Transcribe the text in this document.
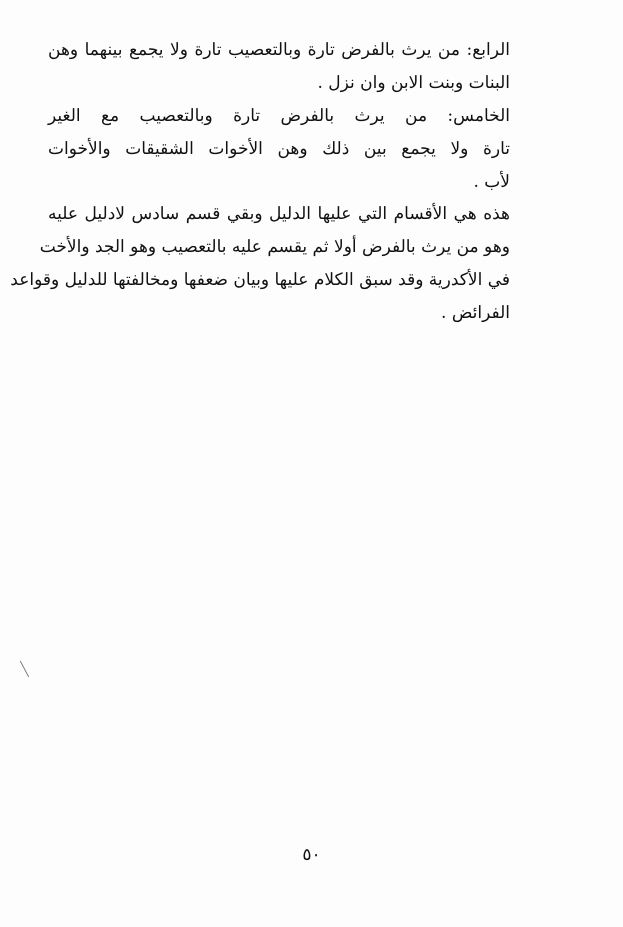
الرابع: من يرث بالفرض تارة وبالتعصيب تارة ولا يجمع بينهما وهن
البنات وبنت الابن وان نزل .
الخامس: من يرث بالفرض تارة وبالتعصيب مع الغير
تارة ولا يجمع بين ذلك وهن الأخوات الشقيقات والأخوات
لأب .
هذه هي الأقسام التي عليها الدليل وبقي قسم سادس لادليل عليه
وهو من يرث بالفرض أولا ثم يقسم عليه بالتعصيب وهو الجد والأخت
في الأكدرية وقد سبق الكلام عليها وبيان ضعفها ومخالفتها للدليل وقواعد
الفرائض .
٥٠
